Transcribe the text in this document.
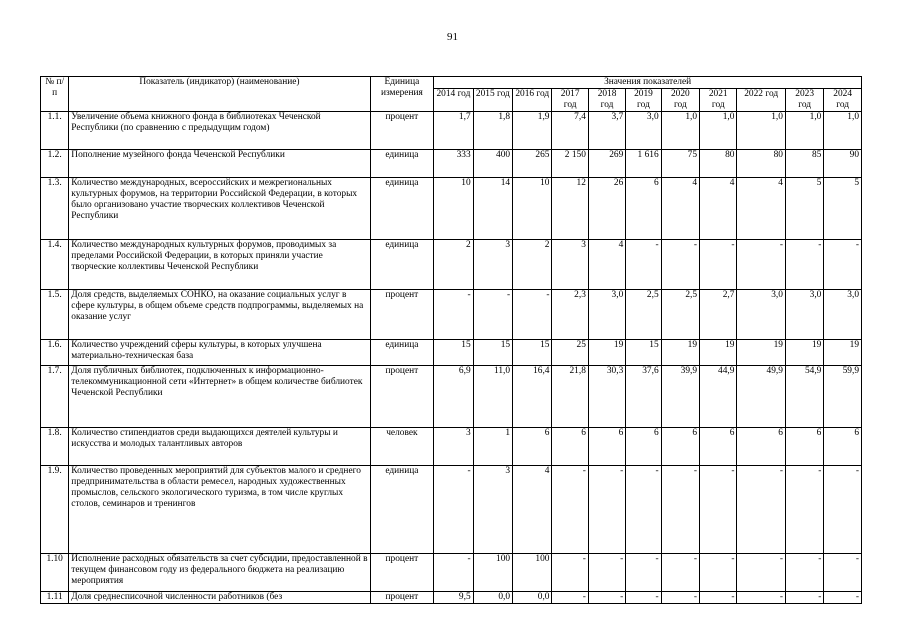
91
№ п/ п	Показатель (индикатор) (наименование)	Единица измерения	Значения показателей										
			2014 год	2015 год	2016 год	2017 год	2018 год	2019 год	2020 год	2021 год	2022 год	2023 год	2024 год
1.1.	Увеличение объема книжного фонда в библиотеках Чеченской Республики (по сравнению с предыдущим годом)	процент	1,7	1,8	1,9	7,4	3,7	3,0	1,0	1,0	1,0	1,0	1,0
1.2.	Пополнение музейного фонда Чеченской Республики	единица	333	400	265	2 150	269	1 616	75	80	80	85	90
1.3.	Количество международных, всероссийских и межрегиональных культурных форумов, на территории Российской Федерации, в которых было организовано участие творческих коллективов Чеченской Республики	единица	10	14	10	12	26	6	4	4	4	5	5
1.4.	Количество международных культурных форумов, проводимых за пределами Российской Федерации, в которых приняли участие творческие коллективы Чеченской Республики	единица	2	3	2	3	4	-	-	-	-	-	-
1.5.	Доля средств, выделяемых СОНКО, на оказание социальных услуг в сфере культуры, в общем объеме средств подпрограммы, выделяемых на оказание услуг	процент	-	-	-	2,3	3,0	2,5	2,5	2,7	3,0	3,0	3,0
1.6.	Количество учреждений сферы культуры, в которых улучшена материально-техническая база	единица	15	15	15	25	19	15	19	19	19	19	19
1.7.	Доля публичных библиотек, подключенных к информационно-телекоммуникационной сети «Интернет» в общем количестве библиотек Чеченской Республики	процент	6,9	11,0	16,4	21,8	30,3	37,6	39,9	44,9	49,9	54,9	59,9
1.8.	Количество стипендиатов среди выдающихся деятелей культуры и искусства и молодых талантливых авторов	человек	3	1	6	6	6	6	6	6	6	6	6
1.9.	Количество проведенных мероприятий для субъектов малого и среднего предпринимательства в области ремесел, народных художественных промыслов, сельского экологического туризма, в том числе круглых столов, семинаров и тренингов	единица	-	3	4	-	-	-	-	-	-	-	-
1.10	Исполнение расходных обязательств за счет субсидии, предоставленной в текущем финансовом году из федерального бюджета на реализацию мероприятия	процент	-	100	100	-	-	-	-	-	-	-	-
1.11	Доля среднесписочной численности работников (без	процент	9,5	0,0	0,0	-	-	-	-	-	-	-	-
